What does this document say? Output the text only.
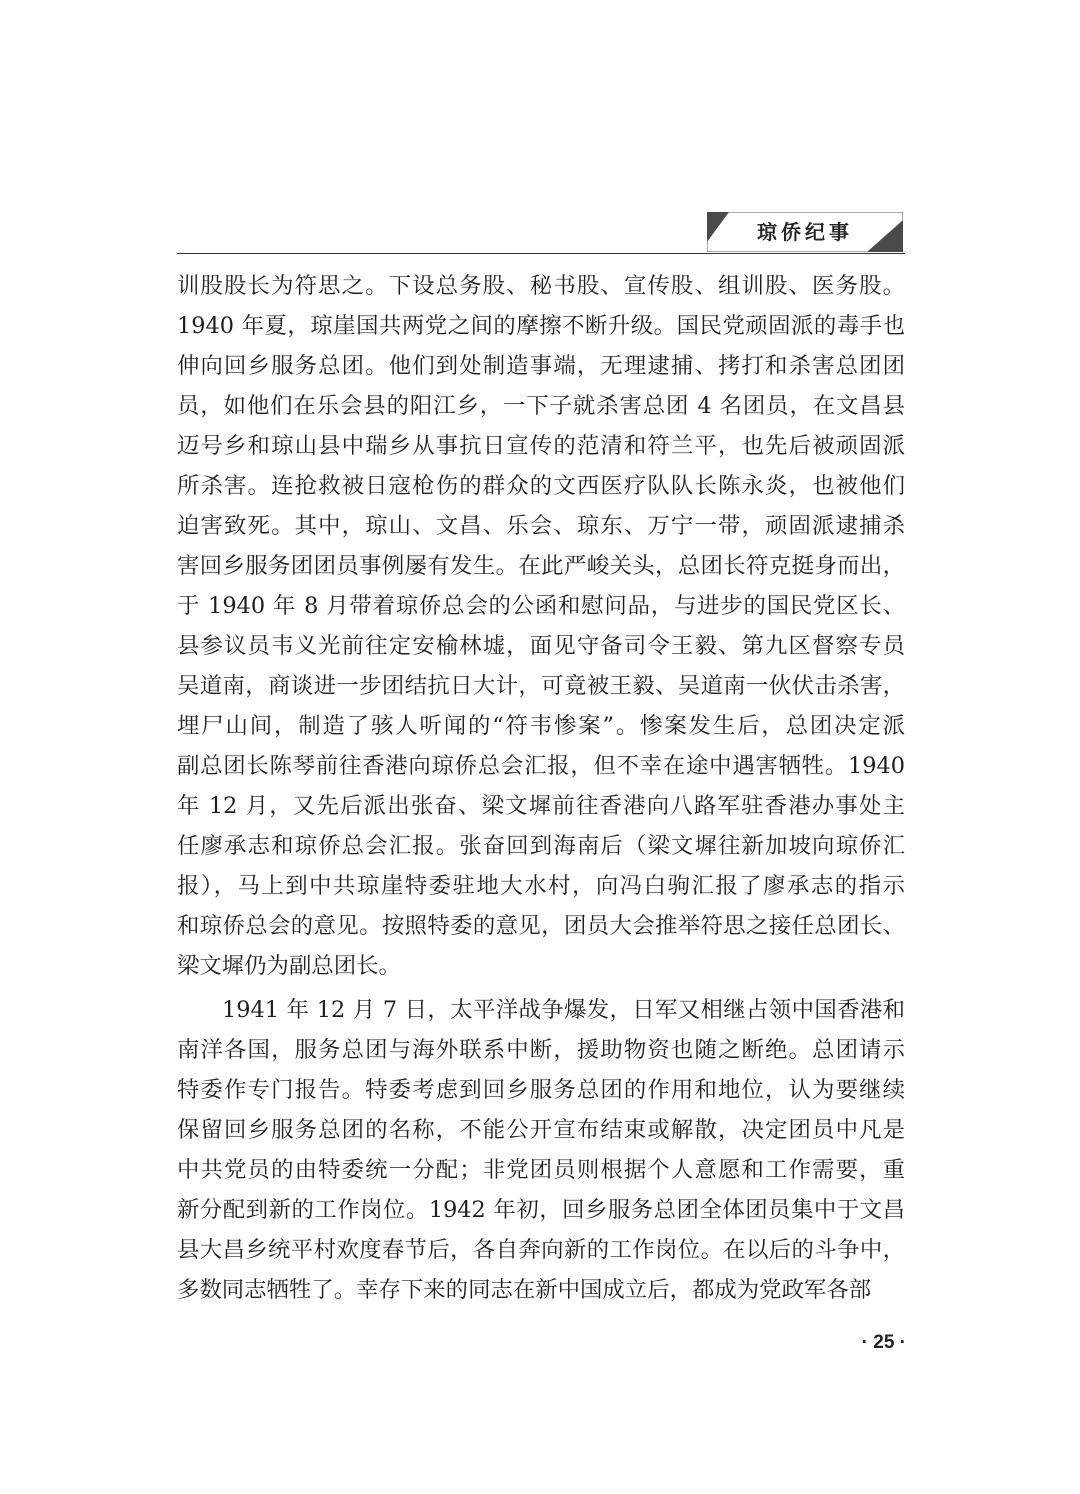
琼侨纪事
训股股长为符思之。下设总务股、秘书股、宣传股、组训股、医务股。
1940 年夏，琼崖国共两党之间的摩擦不断升级。国民党顽固派的毒手也
伸向回乡服务总团。他们到处制造事端，无理逮捕、拷打和杀害总团团
员，如他们在乐会县的阳江乡，一下子就杀害总团 4 名团员，在文昌县
迈号乡和琼山县中瑞乡从事抗日宣传的范清和符兰平，也先后被顽固派
所杀害。连抢救被日寇枪伤的群众的文西医疗队队长陈永炎，也被他们
迫害致死。其中，琼山、文昌、乐会、琼东、万宁一带，顽固派逮捕杀
害回乡服务团团员事例屡有发生。在此严峻关头，总团长符克挺身而出，
于 1940 年 8 月带着琼侨总会的公函和慰问品，与进步的国民党区长、
县参议员韦义光前往定安榆林墟，面见守备司令王毅、第九区督察专员
吴道南，商谈进一步团结抗日大计，可竟被王毅、吴道南一伙伏击杀害，
埋尸山间，制造了骇人听闻的“符韦惨案”。惨案发生后，总团决定派
副总团长陈琴前往香港向琼侨总会汇报，但不幸在途中遇害牺牲。1940
年 12 月，又先后派出张奋、梁文墀前往香港向八路军驻香港办事处主
任廖承志和琼侨总会汇报。张奋回到海南后（梁文墀往新加坡向琼侨汇
报），马上到中共琼崖特委驻地大水村，向冯白驹汇报了廖承志的指示
和琼侨总会的意见。按照特委的意见，团员大会推举符思之接任总团长、
梁文墀仍为副总团长。
1941 年 12 月 7 日，太平洋战争爆发，日军又相继占领中国香港和
南洋各国，服务总团与海外联系中断，援助物资也随之断绝。总团请示
特委作专门报告。特委考虑到回乡服务总团的作用和地位，认为要继续
保留回乡服务总团的名称，不能公开宣布结束或解散，决定团员中凡是
中共党员的由特委统一分配；非党团员则根据个人意愿和工作需要，重
新分配到新的工作岗位。1942 年初，回乡服务总团全体团员集中于文昌
县大昌乡统平村欢度春节后，各自奔向新的工作岗位。在以后的斗争中，
多数同志牺牲了。幸存下来的同志在新中国成立后，都成为党政军各部
· 25 ·
